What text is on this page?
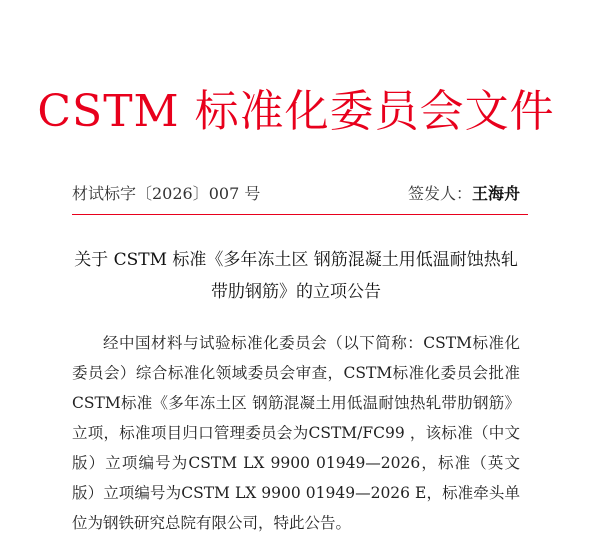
CSTM 标准化委员会文件
材试标字〔2026〕007 号	签发人：王海舟
关于 CSTM 标准《多年冻土区 钢筋混凝土用低温耐蚀热轧带肋钢筋》的立项公告
经中国材料与试验标准化委员会（以下简称：CSTM标准化委员会）综合标准化领域委员会审查，CSTM标准化委员会批准CSTM标准《多年冻土区 钢筋混凝土用低温耐蚀热轧带肋钢筋》立项，标准项目归口管理委员会为CSTM/FC99 ，该标准（中文版）立项编号为CSTM LX 9900 01949—2026，标准（英文版）立项编号为CSTM LX 9900 01949—2026 E，标准牵头单位为钢铁研究总院有限公司，特此公告。
